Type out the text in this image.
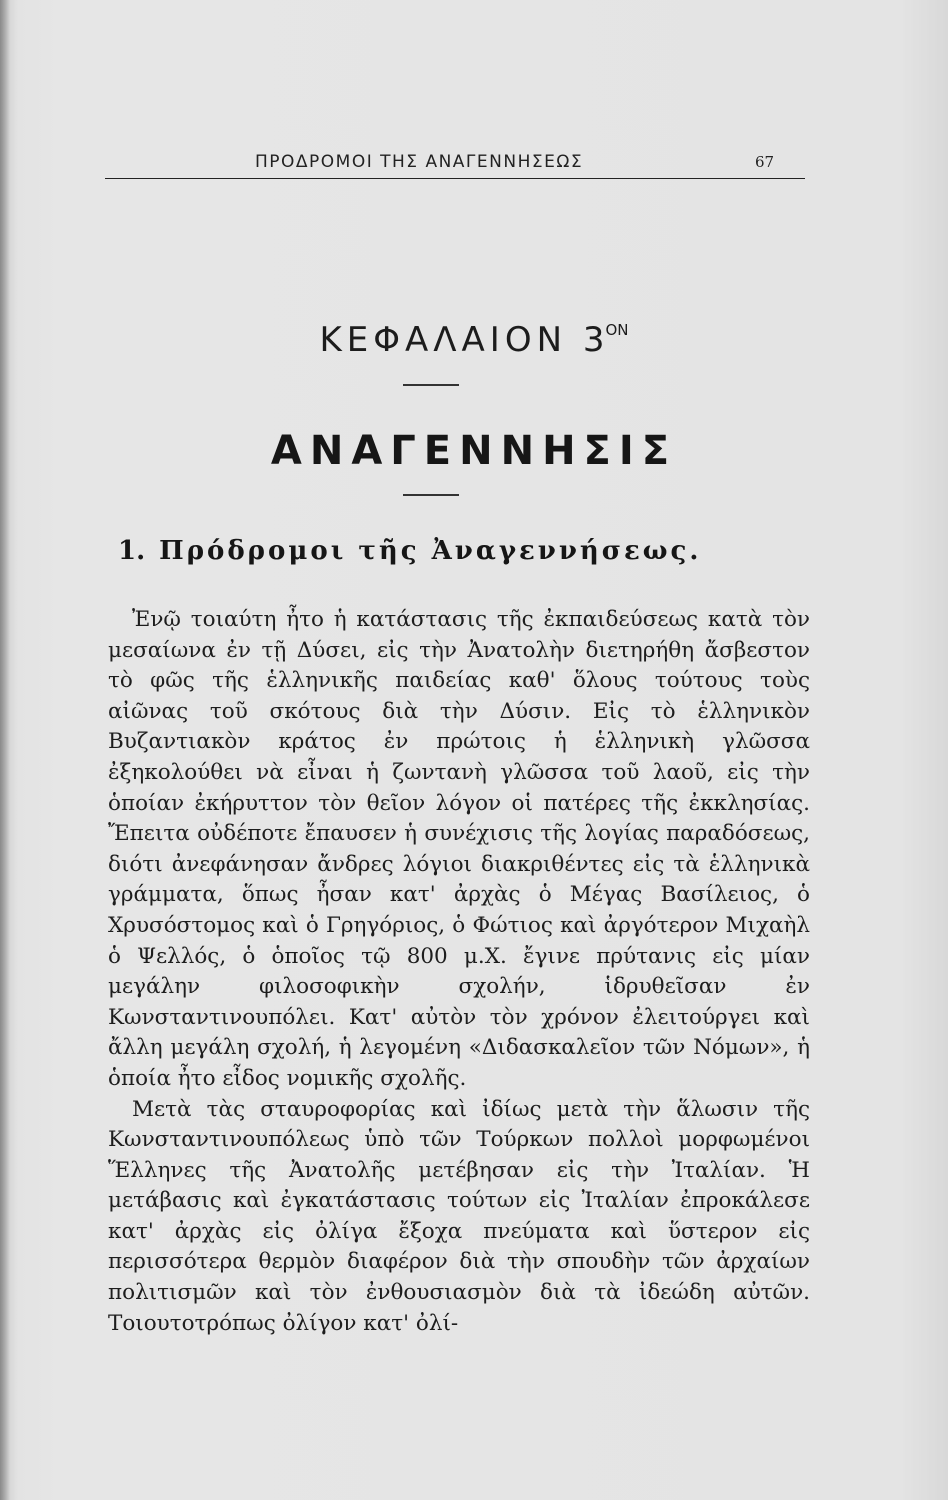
ΠΡΟΔΡΟΜΟΙ ΤΗΣ ΑΝΑΓΕΝΝΗΣΕΩΣ	67
ΚΕΦΑΛΑΙΟΝ $3^{ON}$
ΑΝΑΓΕΝΝΗΣΙΣ
1. Πρόδρομοι τῆς Ἀναγεννήσεως.

Ἐνῷ τοιαύτη ἦτο ἡ κατάστασις τῆς ἐκπαιδεύσεως κατὰ τὸν μεσαίωνα ἐν τῇ Δύσει, εἰς τὴν Ἀνατολὴν διετηρήθη ἄσβεστον τὸ φῶς τῆς ἑλληνικῆς παιδείας καθ' ὅλους τούτους τοὺς αἰῶνας τοῦ σκότους διὰ τὴν Δύσιν. Εἰς τὸ ἑλληνικὸν Βυζαντιακὸν κράτος ἐν πρώτοις ἡ ἑλληνικὴ γλῶσσα ἐξηκολούθει νὰ εἶναι ἡ ζωντανὴ γλῶσσα τοῦ λαοῦ, εἰς τὴν ὁποίαν ἐκήρυττον τὸν θεῖον λόγον οἱ πατέρες τῆς ἐκκλησίας. Ἔπειτα οὐδέποτε ἔπαυσεν ἡ συνέχισις τῆς λογίας παραδόσεως, διότι ἀνεφάνησαν ἄνδρες λόγιοι διακριθέντες εἰς τὰ ἑλληνικὰ γράμματα, ὅπως ἦσαν κατ' ἀρχὰς ὁ Μέγας Βασίλειος, ὁ Χρυσόστομος καὶ ὁ Γρηγόριος, ὁ Φώτιος καὶ ἀργότερον Μιχαὴλ ὁ Ψελλός, ὁ ὁποῖος τῷ 800 μ.Χ. ἔγινε πρύτανις εἰς μίαν μεγάλην φιλοσοφικὴν σχολήν, ἱδρυθεῖσαν ἐν Κωνσταντινουπόλει. Κατ' αὐτὸν τὸν χρόνον ἐλειτούργει καὶ ἄλλη μεγάλη σχολή, ἡ λεγομένη «Διδασκαλεῖον τῶν Νόμων», ἡ ὁποία ἦτο εἶδος νομικῆς σχολῆς.

Μετὰ τὰς σταυροφορίας καὶ ἰδίως μετὰ τὴν ἅλωσιν τῆς Κωνσταντινουπόλεως ὑπὸ τῶν Τούρκων πολλοὶ μορφωμένοι Ἕλληνες τῆς Ἀνατολῆς μετέβησαν εἰς τὴν Ἰταλίαν. Ἡ μετάβασις καὶ ἐγκατάστασις τούτων εἰς Ἰταλίαν ἐπροκάλεσε κατ' ἀρχὰς εἰς ὀλίγα ἔξοχα πνεύματα καὶ ὕστερον εἰς περισσότερα θερμὸν διαφέρον διὰ τὴν σπουδὴν τῶν ἀρχαίων πολιτισμῶν καὶ τὸν ἐνθουσιασμὸν διὰ τὰ ἰδεώδη αὐτῶν. Τοιουτοτρόπως ὀλίγον κατ' ὀλί-
